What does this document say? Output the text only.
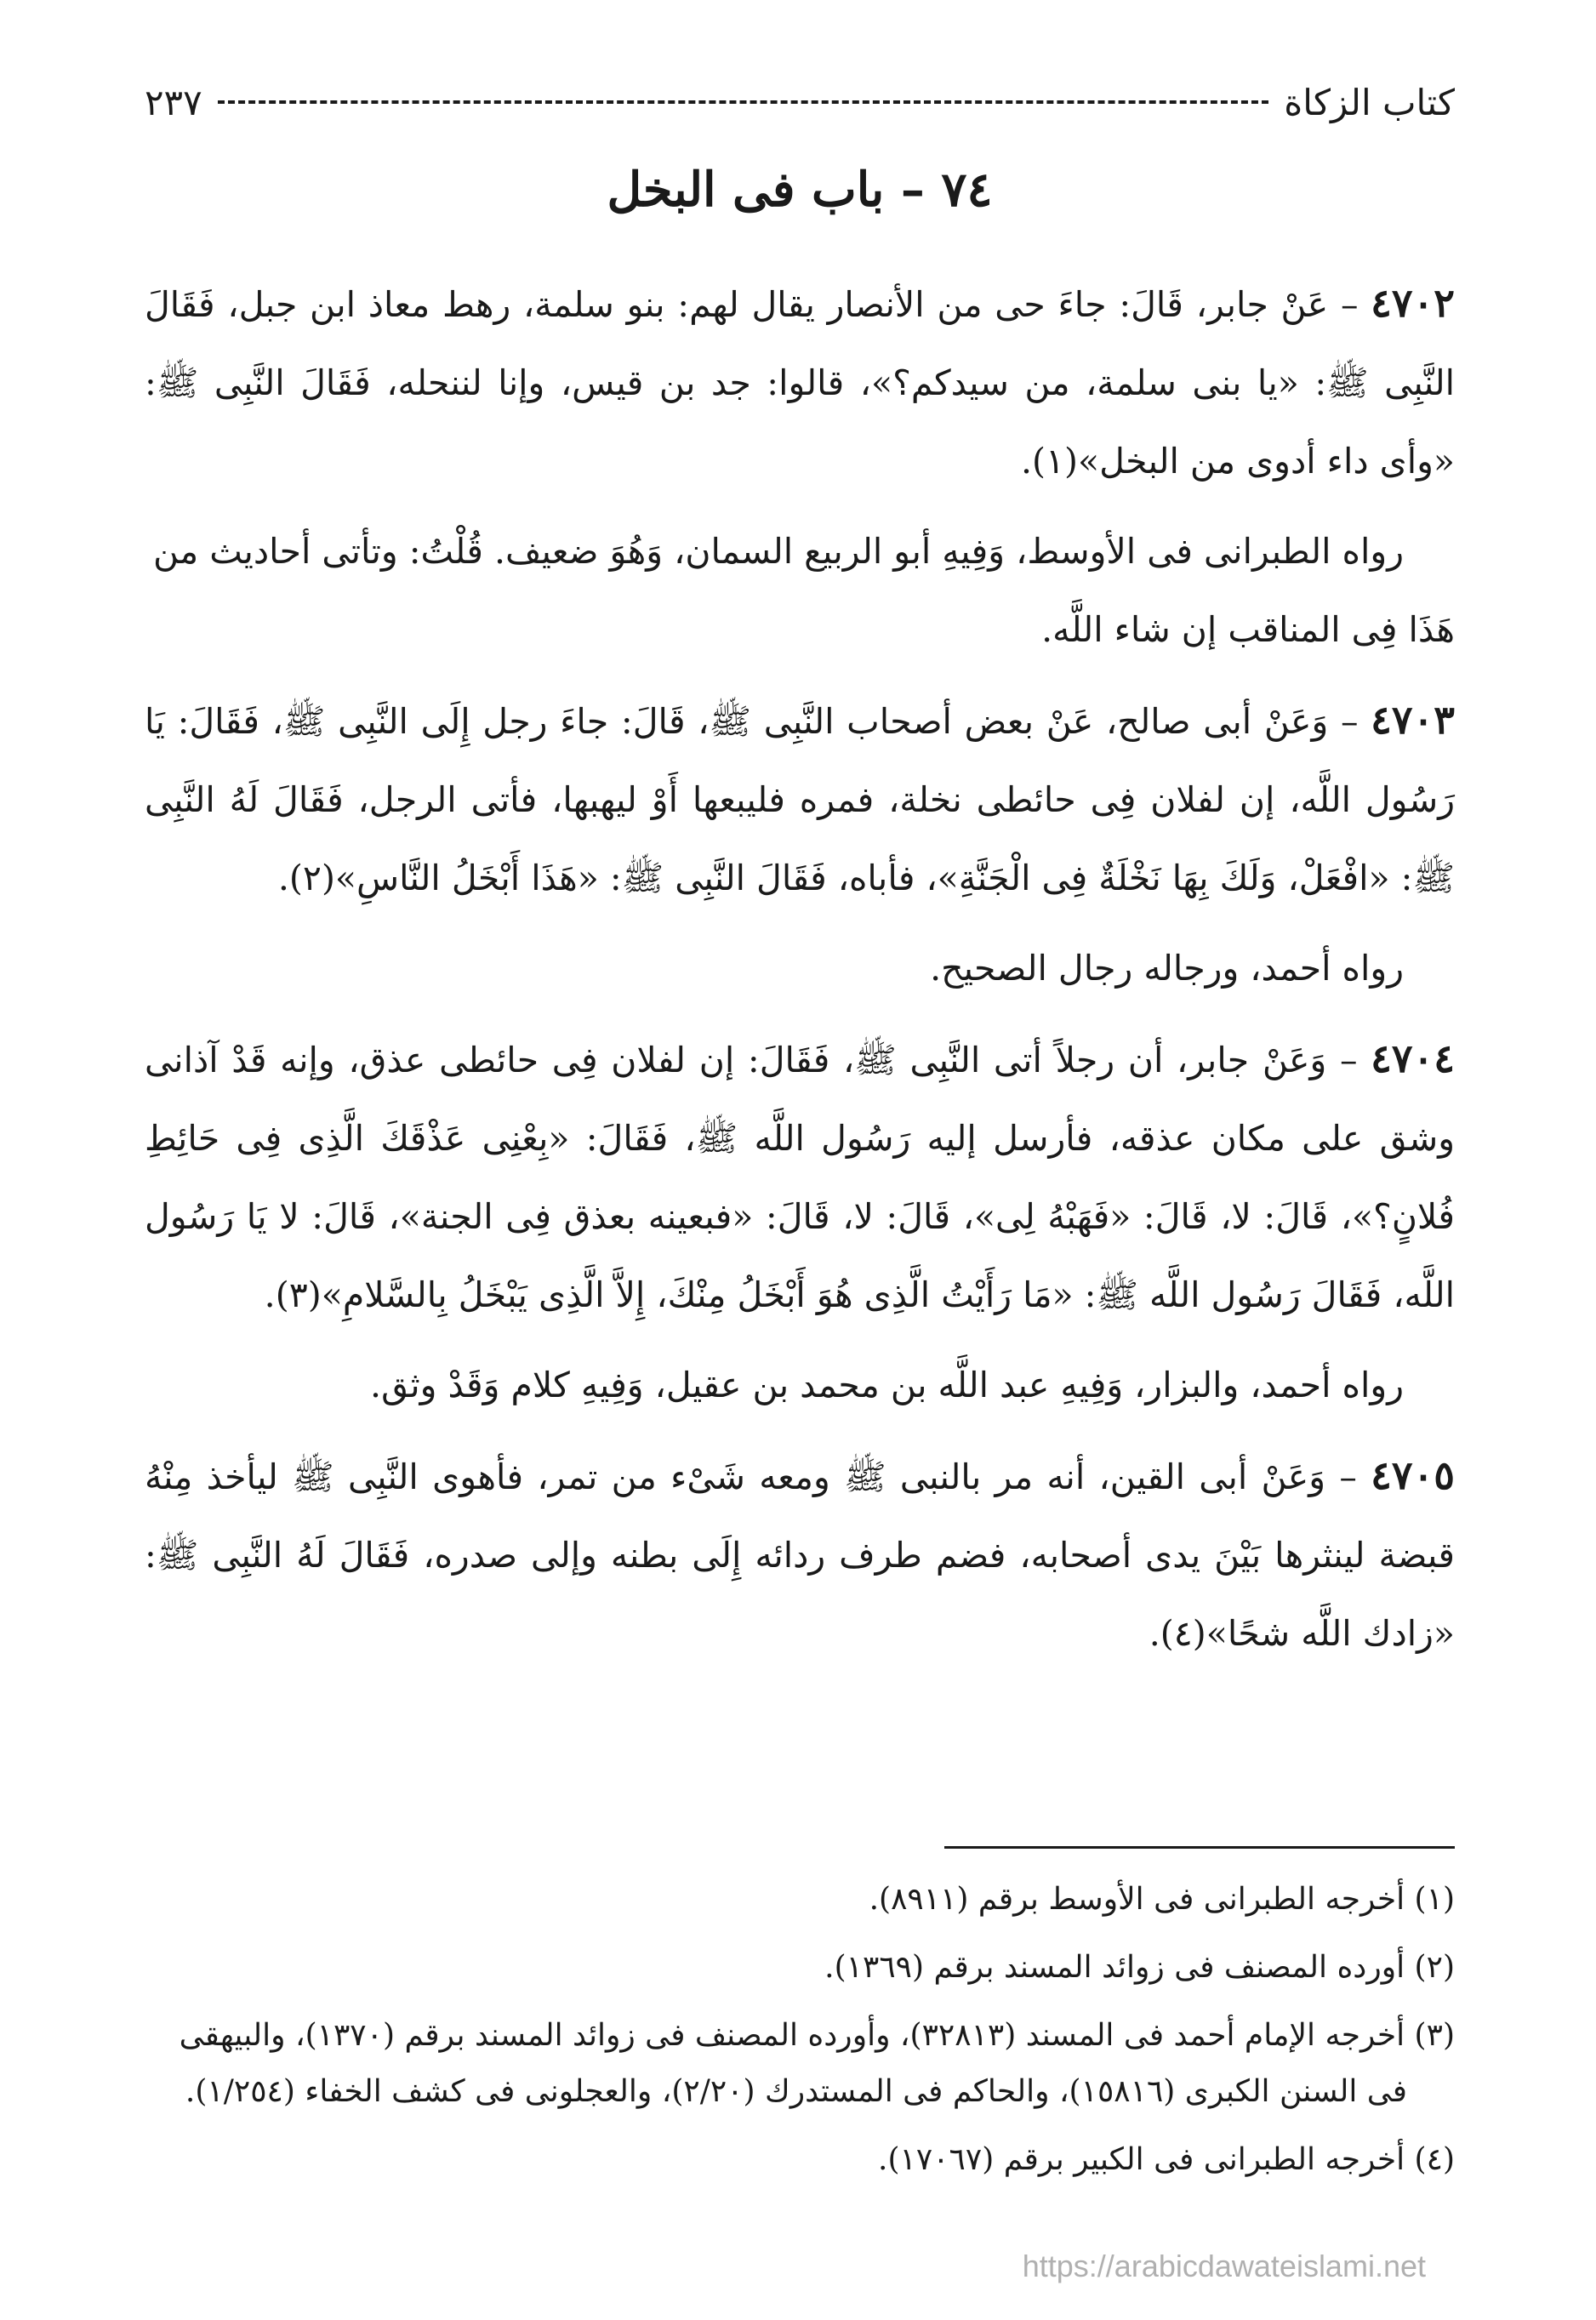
كتاب الزكاة
٢٣٧
٧٤ – باب فى البخل

٤٧٠٢ – عَنْ جابر، قَالَ: جاءَ حى من الأنصار يقال لهم: بنو سلمة، رهط معاذ ابن جبل، فَقَالَ النَّبِى ﷺ: «يا بنى سلمة، من سيدكم؟»، قالوا: جد بن قيس، وإنا لننحله، فَقَالَ النَّبِى ﷺ: «وأى داء أدوى من البخل»(١).

رواه الطبرانى فى الأوسط، وَفِيهِ أبو الربيع السمان، وَهُوَ ضعيف. قُلْتُ: وتأتى أحاديث من هَذَا فِى المناقب إن شاء اللَّه.

٤٧٠٣ – وَعَنْ أبى صالح، عَنْ بعض أصحاب النَّبِى ﷺ، قَالَ: جاءَ رجل إِلَى النَّبِى ﷺ، فَقَالَ: يَا رَسُول اللَّه، إن لفلان فِى حائطى نخلة، فمره فليبعها أَوْ ليهبها، فأتى الرجل، فَقَالَ لَهُ النَّبِى ﷺ: «افْعَلْ، وَلَكَ بِهَا نَخْلَةٌ فِى الْجَنَّةِ»، فأباه، فَقَالَ النَّبِى ﷺ: «هَذَا أَبْخَلُ النَّاسِ»(٢).

رواه أحمد، ورجاله رجال الصحيح.

٤٧٠٤ – وَعَنْ جابر، أن رجلاً أتى النَّبِى ﷺ، فَقَالَ: إن لفلان فِى حائطى عذق، وإنه قَدْ آذانى وشق على مكان عذقه، فأرسل إليه رَسُول اللَّه ﷺ، فَقَالَ: «بِعْنِى عَذْقَكَ الَّذِى فِى حَائِطِ فُلانٍ؟»، قَالَ: لا، قَالَ: «فَهَبْهُ لِى»، قَالَ: لا، قَالَ: «فبعينه بعذق فِى الجنة»، قَالَ: لا يَا رَسُول اللَّه، فَقَالَ رَسُول اللَّه ﷺ: «مَا رَأَيْتُ الَّذِى هُوَ أَبْخَلُ مِنْكَ، إِلاَّ الَّذِى يَبْخَلُ بِالسَّلامِ»(٣).

رواه أحمد، والبزار، وَفِيهِ عبد اللَّه بن محمد بن عقيل، وَفِيهِ كلام وَقَدْ وثق.

٤٧٠٥ – وَعَنْ أبى القين، أنه مر بالنبى ﷺ ومعه شَىْء من تمر، فأهوى النَّبِى ﷺ ليأخذ مِنْهُ قبضة لينثرها بَيْنَ يدى أصحابه، فضم طرف ردائه إِلَى بطنه وإلى صدره، فَقَالَ لَهُ النَّبِى ﷺ: «زادك اللَّه شحًا»(٤).

(١) أخرجه الطبرانى فى الأوسط برقم (٨٩١١).

(٢) أورده المصنف فى زوائد المسند برقم (١٣٦٩).

(٣) أخرجه الإمام أحمد فى المسند (٣٢٨١٣)، وأورده المصنف فى زوائد المسند برقم (١٣٧٠)، والبيهقى فى السنن الكبرى (١٥٨١٦)، والحاكم فى المستدرك (٢/٢٠)، والعجلونى فى كشف الخفاء (١/٢٥٤).

(٤) أخرجه الطبرانى فى الكبير برقم (١٧٠٦٧).

https://arabicdawateislami.net
